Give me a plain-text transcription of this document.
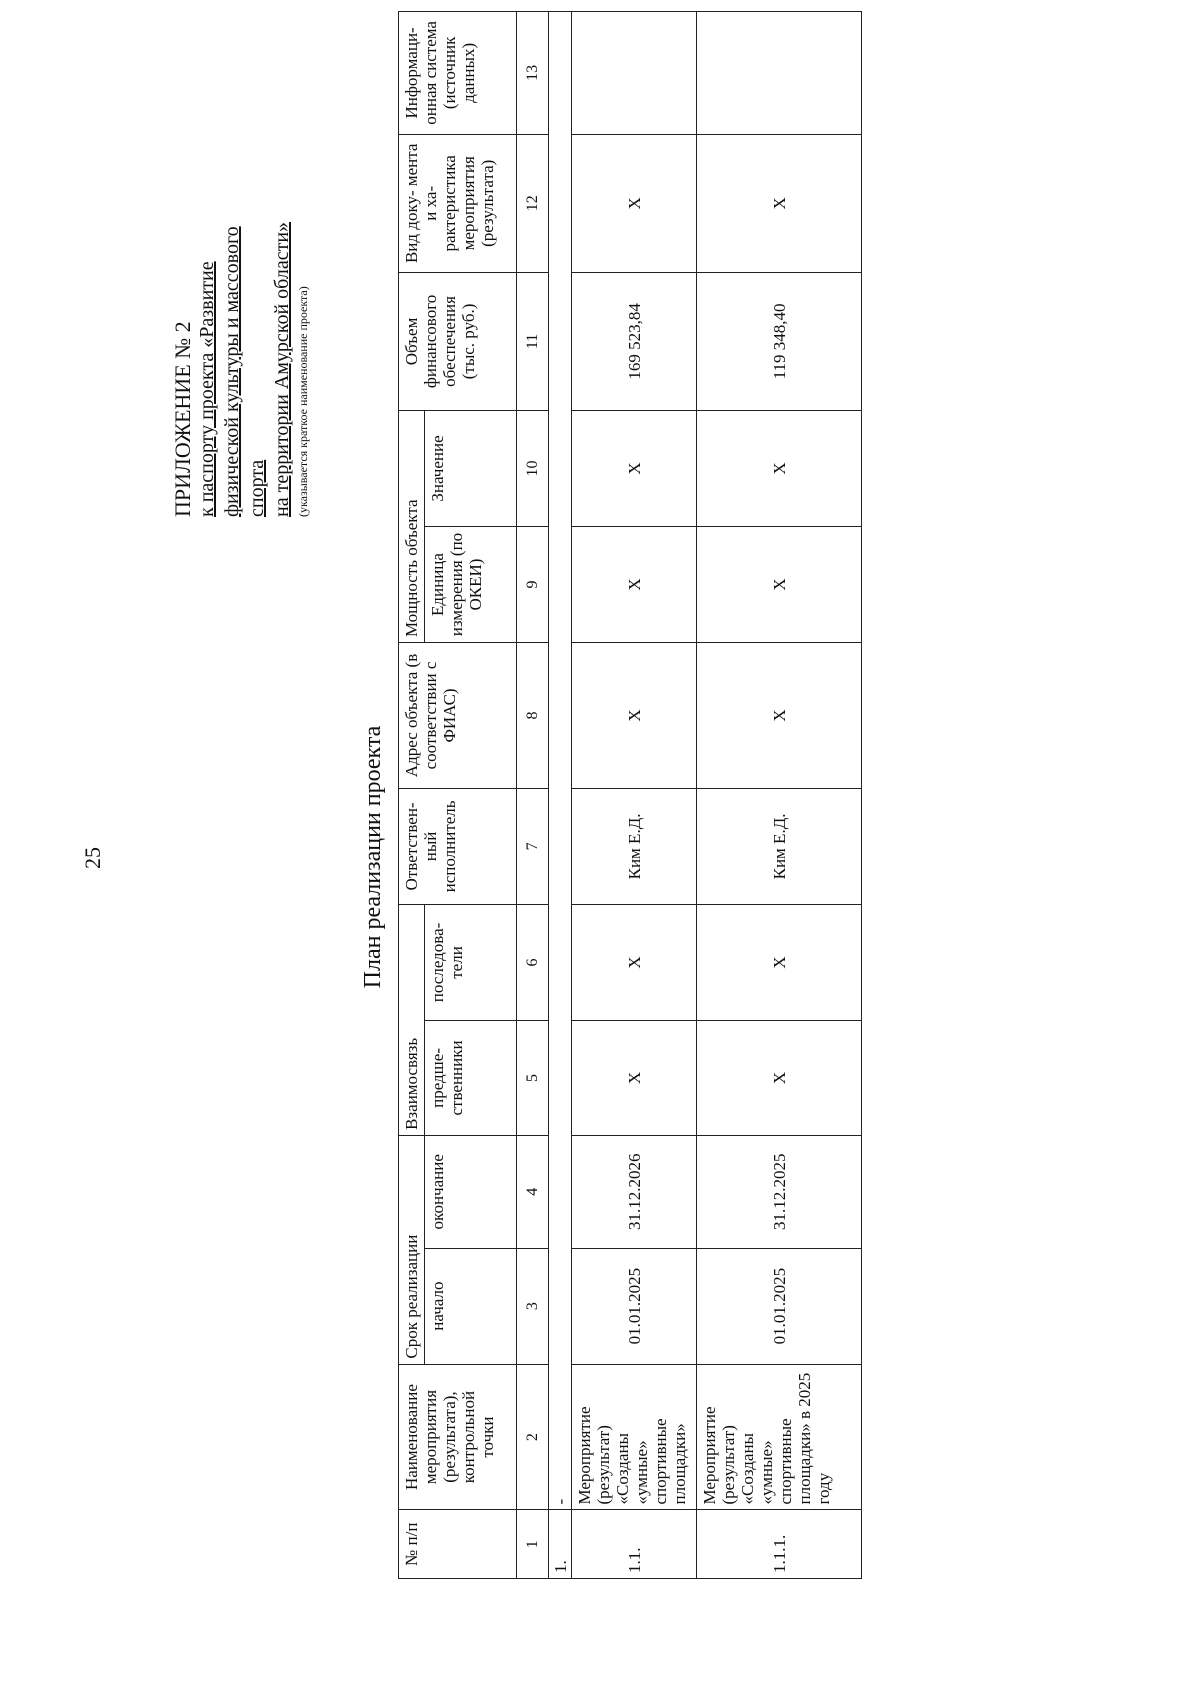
25
ПРИЛОЖЕНИЕ № 2 к паспорту проекта «Развитие физической культуры и массового спорта на территории Амурской области» (указывается краткое наименование проекта)
План реализации проекта
№ п/п	Наименование мероприятия (результата), контрольной точки	Срок реализации		Взаимосвязь		Ответствен- ный исполнитель	Адрес объекта (в соответствии с ФИАС)	Мощность объекта		Объем финансового обеспечения (тыс. руб.)	Вид доку- мента и ха- рактеристика мероприятия (результата)	Информаци- онная система (источник данных)
		начало	окончание	предше- ственники	последова- тели			Единица измерения (по ОКЕИ)	Значение			
1	2	3	4	5	6	7	8	9	10	11	12	13
1.	-											
1.1.	Мероприятие (результат) «Созданы «умные» спортивные площадки»	01.01.2025	31.12.2026	X	X	Ким Е.Д.	X	X	X	169 523,84	X	
1.1.1.	Мероприятие (результат) «Созданы «умные» спортивные площадки» в 2025 году	01.01.2025	31.12.2025	X	X	Ким Е.Д.	X	X	X	119 348,40	X	
